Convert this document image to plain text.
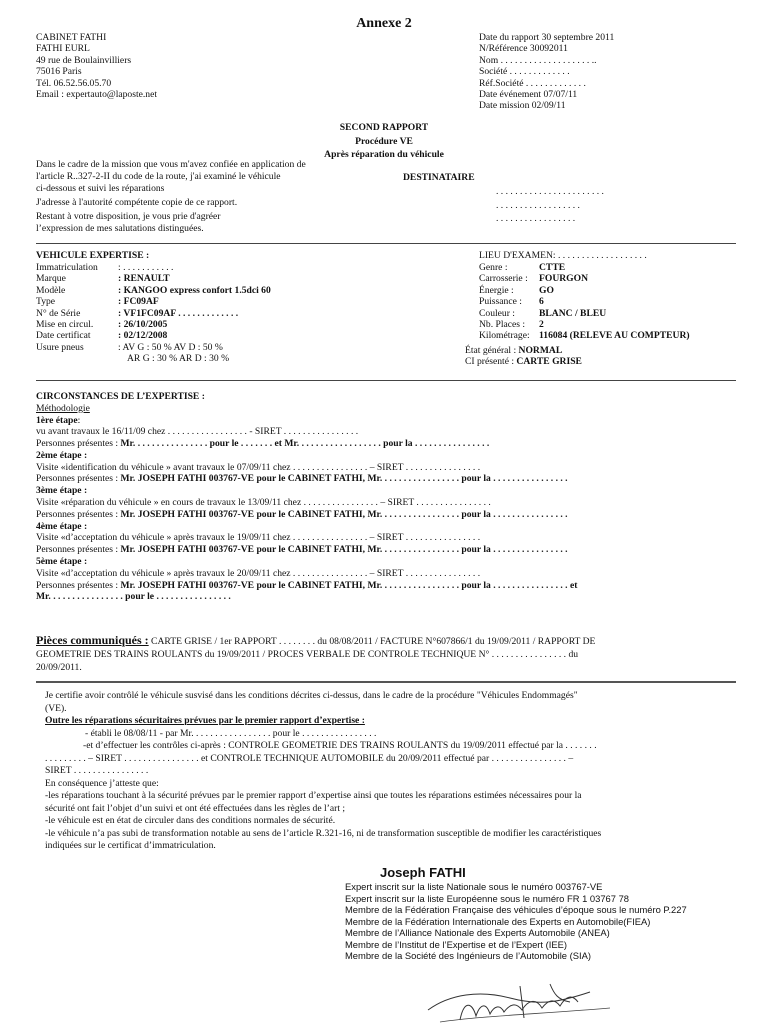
Annexe 2
CABINET FATHI
FATHI EURL
49 rue de Boulainvilliers
75016 Paris
Tél. 06.52.56.05.70
Email : expertauto@laposte.net
Date du rapport 30 septembre 2011
N/Référence 30092011
Nom . . . . . . . . . . . . . . . . . . . ..
Société . . . . . . . . . . . . .
Réf.Société . . . . . . . . . . . . .
Date événement 07/07/11
Date mission 02/09/11
SECOND RAPPORT
Procédure VE
Après réparation du véhicule
Dans le cadre de la mission que vous m'avez confiée en application de
l'article R..327-2-II du code de la route, j'ai examiné le véhicule
ci-dessous et suivi les réparations
J'adresse à l'autorité compétente copie de ce rapport.
Restant à votre disposition, je vous prie d'agréer
l’expression de mes salutations distinguées.
DESTINATAIRE
. . . . . . . . . . . . . . . . . . . . . . .
. . . . . . . . . . . . . . . . . .
. . . . . . . . . . . . . . . . .
VEHICULE EXPERTISE :
Immatriculation : . . . . . . . . . . .
Marque	: RENAULT
Modèle	: KANGOO express confort 1.5dci 60
Type	: FC09AF
N° de Série	: VF1FC09AF . . . . . . . . . . . . .
Mise en circul.	: 26/10/2005
Date certificat	: 02/12/2008
Usure pneus	: AV G : 50 % AV D : 50 %
AR G : 30 % AR D : 30 %
LIEU D'EXAMEN: . . . . . . . . . . . . . . . . . . .
Genre :	CTTE
Carrosserie : FOURGON
Énergie :	GO
Puissance : 6
Couleur :	BLANC / BLEU
Nb. Places : 2
Kilométrage: 116084 (RELEVE AU COMPTEUR)
État général : NORMAL
CI présenté : CARTE GRISE
CIRCONSTANCES DE L’EXPERTISE :
Méthodologie
1ère étape:
vu avant travaux le 16/11/09 chez . . . . . . . . . . . . . . . . . - SIRET . . . . . . . . . . . . . . . .
Personnes présentes : Mr. . . . . . . . . . . . . . . . pour le . . . . . . . et Mr. . . . . . . . . . . . . . . . . . pour la . . . . . . . . . . . . . . . .
2ème étape :
Visite «identification du véhicule » avant travaux le 07/09/11 chez . . . . . . . . . . . . . . . . – SIRET . . . . . . . . . . . . . . . .
Personnes présentes : Mr. JOSEPH FATHI 003767-VE pour le CABINET FATHI, Mr. . . . . . . . . . . . . . . . . pour la . . . . . . . . . . . . . . . .
3ème étape :
Visite «réparation du véhicule » en cours de travaux le 13/09/11 chez . . . . . . . . . . . . . . . . – SIRET . . . . . . . . . . . . . . . .
Personnes présentes : Mr. JOSEPH FATHI 003767-VE pour le CABINET FATHI, Mr. . . . . . . . . . . . . . . . . pour la . . . . . . . . . . . . . . . .
4ème étape :
Visite «d’acceptation du véhicule » après travaux le 19/09/11 chez . . . . . . . . . . . . . . . . – SIRET . . . . . . . . . . . . . . . .
Personnes présentes : Mr. JOSEPH FATHI 003767-VE pour le CABINET FATHI, Mr. . . . . . . . . . . . . . . . . pour la . . . . . . . . . . . . . . . .
5ème étape :
Visite «d’acceptation du véhicule » après travaux le 20/09/11 chez . . . . . . . . . . . . . . . . – SIRET . . . . . . . . . . . . . . . .
Personnes présentes : Mr. JOSEPH FATHI 003767-VE pour le CABINET FATHI, Mr. . . . . . . . . . . . . . . . . pour la . . . . . . . . . . . . . . . . et
Mr. . . . . . . . . . . . . . . . pour le . . . . . . . . . . . . . . . .
Pièces communiqués : CARTE GRISE / 1er RAPPORT . . . . . . . . du 08/08/2011 / FACTURE N°607866/1 du 19/09/2011 / RAPPORT DE
GEOMETRIE DES TRAINS ROULANTS du 19/09/2011 / PROCES VERBALE DE CONTROLE TECHNIQUE N° . . . . . . . . . . . . . . . . du
20/09/2011.
Je certifie avoir contrôlé le véhicule susvisé dans les conditions décrites ci-dessus, dans le cadre de la procédure "Véhicules Endommagés"
(VE).
Outre les réparations sécuritaires prévues par le premier rapport d’expertise :
- établi le 08/08/11 - par Mr. . . . . . . . . . . . . . . . . pour le . . . . . . . . . . . . . . . .
-et d’effectuer les contrôles ci-après : CONTROLE GEOMETRIE DES TRAINS ROULANTS du 19/09/2011 effectué par la . . . . . . .
. . . . . . . . . – SIRET . . . . . . . . . . . . . . . . et CONTROLE TECHNIQUE AUTOMOBILE du 20/09/2011 effectué par . . . . . . . . . . . . . . . . –
SIRET . . . . . . . . . . . . . . . .
En conséquence j’atteste que:
-les réparations touchant à la sécurité prévues par le premier rapport d’expertise ainsi que toutes les réparations estimées nécessaires pour la
sécurité ont fait l’objet d’un suivi et ont été effectuées dans les règles de l’art ;
-le véhicule est en état de circuler dans des conditions normales de sécurité.
-le véhicule n’a pas subi de transformation notable au sens de l’article R.321-16, ni de transformation susceptible de modifier les caractéristiques
indiquées sur le certificat d’immatriculation.
Joseph FATHI
Expert inscrit sur la liste Nationale sous le numéro 003767-VE
Expert inscrit sur la liste Européenne sous le numéro FR 1 03767 78
Membre de la Fédération Française des véhicules d’époque sous le numéro P.227
Membre de la Fédération Internationale des Experts en Automobile(FIEA)
Membre de l’Alliance Nationale des Experts Automobile (ANEA)
Membre de l’Institut de l’Expertise et de l’Expert (IEE)
Membre de la Société des Ingénieurs de l’Automobile (SIA)
